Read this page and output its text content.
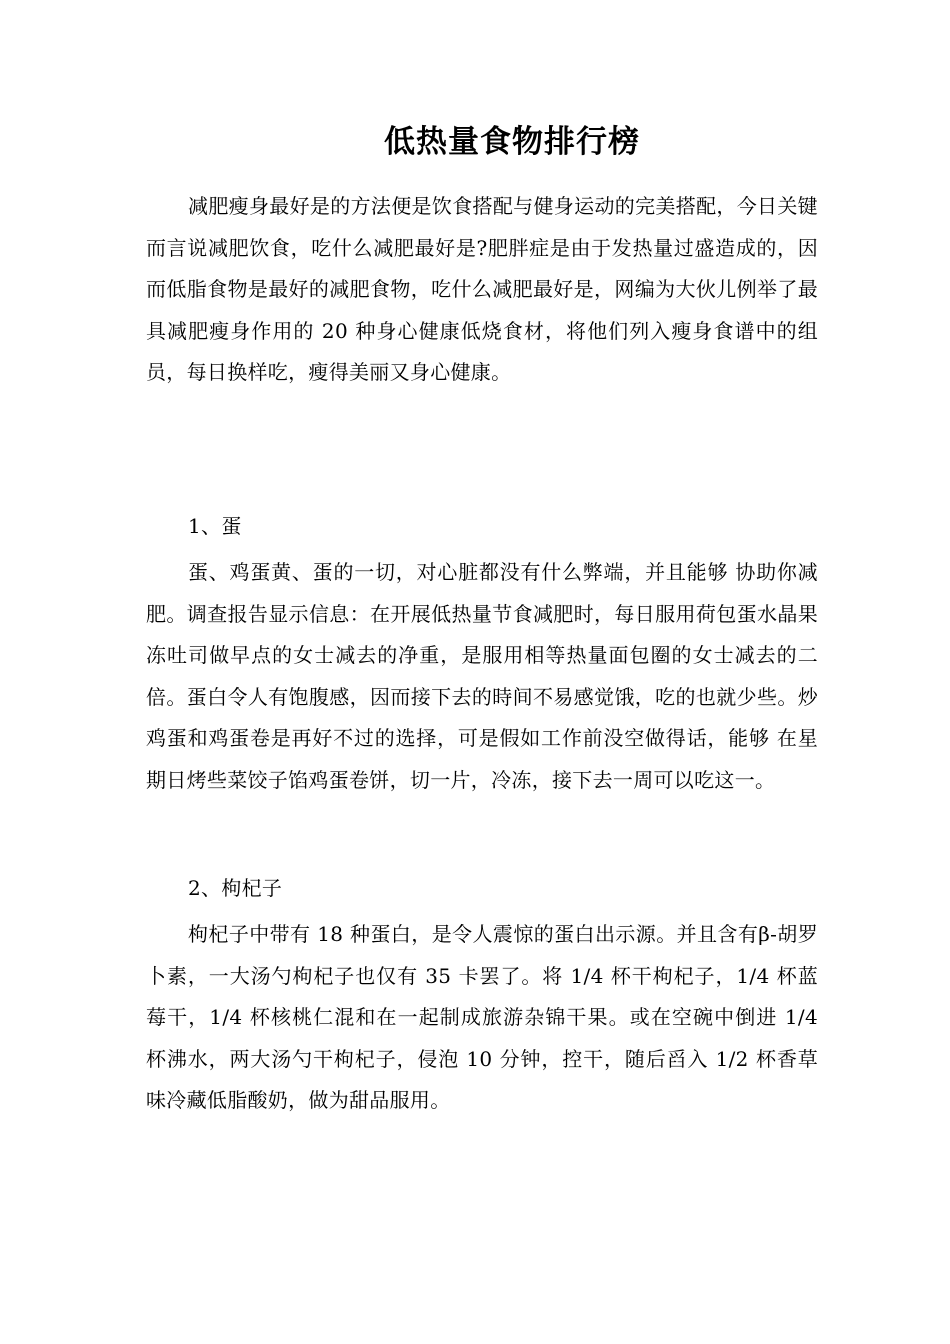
低热量食物排行榜

减肥瘦身最好是的方法便是饮食搭配与健身运动的完美搭配，今日关键而言说减肥饮食，吃什么减肥最好是?肥胖症是由于发热量过盛造成的，因而低脂食物是最好的减肥食物，吃什么减肥最好是，网编为大伙儿例举了最具减肥瘦身作用的 20 种身心健康低烧食材，将他们列入瘦身食谱中的组员，每日换样吃，瘦得美丽又身心健康。

1、蛋

蛋、鸡蛋黄、蛋的一切，对心脏都没有什么弊端，并且能够 协助你减肥。调查报告显示信息：在开展低热量节食减肥时，每日服用荷包蛋水晶果冻吐司做早点的女士减去的净重，是服用相等热量面包圈的女士减去的二倍。蛋白令人有饱腹感，因而接下去的時间不易感觉饿，吃的也就少些。炒鸡蛋和鸡蛋卷是再好不过的选择，可是假如工作前没空做得话，能够 在星期日烤些菜饺子馅鸡蛋卷饼，切一片，冷冻，接下去一周可以吃这一。

2、枸杞子

枸杞子中带有 18 种蛋白，是令人震惊的蛋白出示源。并且含有β-胡罗卜素，一大汤勺枸杞子也仅有 35 卡罢了。将 1/4 杯干枸杞子，1/4 杯蓝莓干，1/4 杯核桃仁混和在一起制成旅游杂锦干果。或在空碗中倒进 1/4 杯沸水，两大汤勺干枸杞子，侵泡 10 分钟，控干，随后舀入 1/2 杯香草味冷藏低脂酸奶，做为甜品服用。
